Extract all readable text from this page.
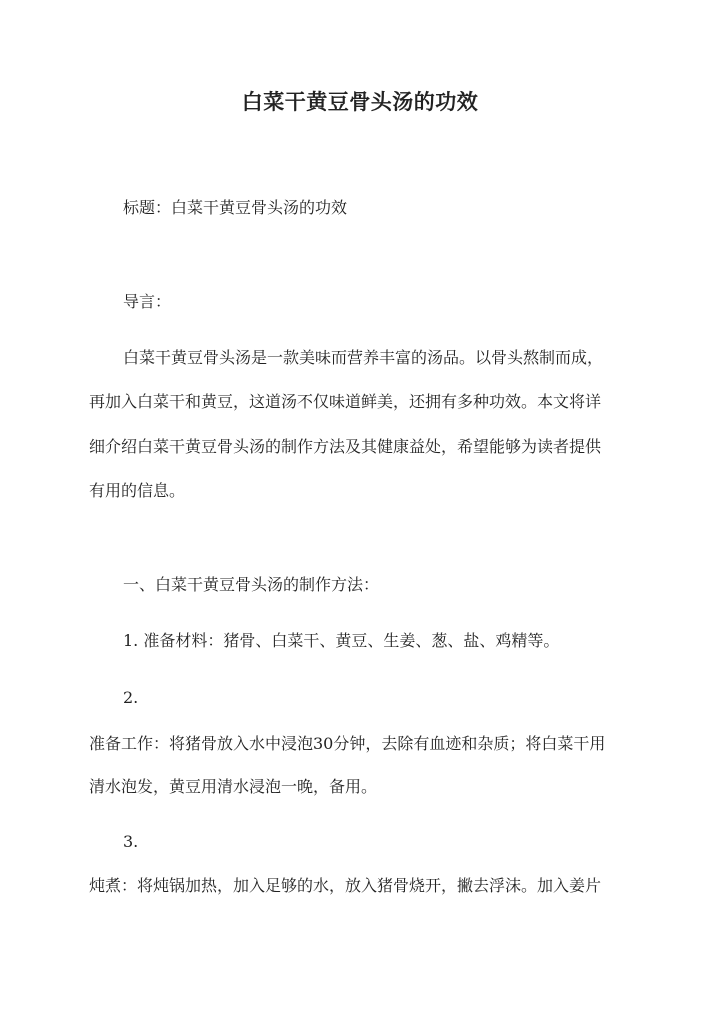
白菜干黄豆骨头汤的功效
标题：白菜干黄豆骨头汤的功效
导言：
白菜干黄豆骨头汤是一款美味而营养丰富的汤品。以骨头熬制而成，
再加入白菜干和黄豆，这道汤不仅味道鲜美，还拥有多种功效。本文将详
细介绍白菜干黄豆骨头汤的制作方法及其健康益处，希望能够为读者提供
有用的信息。
一、白菜干黄豆骨头汤的制作方法：
1. 准备材料：猪骨、白菜干、黄豆、生姜、葱、盐、鸡精等。
2.
准备工作：将猪骨放入水中浸泡30分钟，去除有血迹和杂质；将白菜干用
清水泡发，黄豆用清水浸泡一晚，备用。
3.
炖煮：将炖锅加热，加入足够的水，放入猪骨烧开，撇去浮沫。加入姜片
